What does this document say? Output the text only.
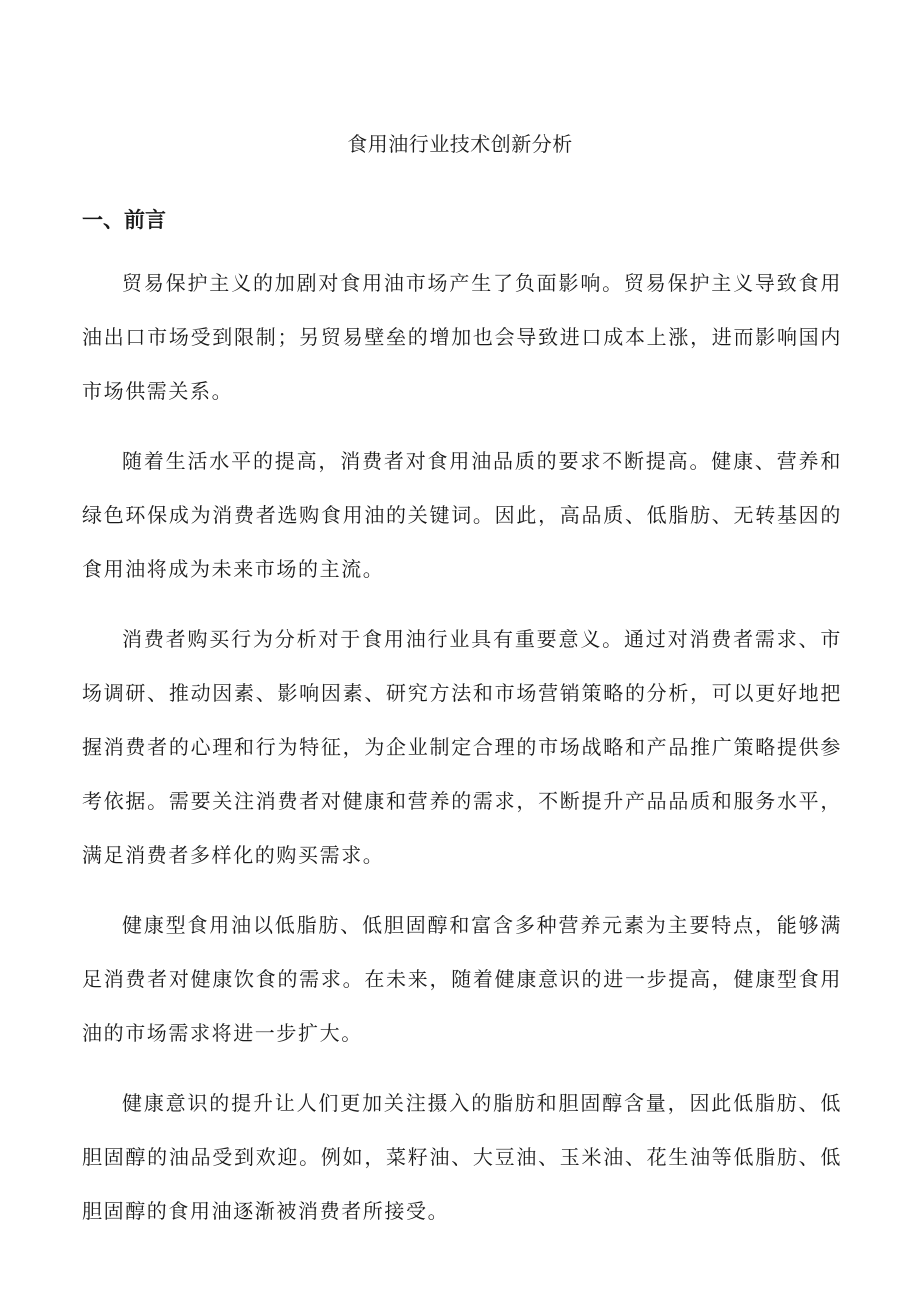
食用油行业技术创新分析
一、前言

贸易保护主义的加剧对食用油市场产生了负面影响。贸易保护主义导致食用油出口市场受到限制；另贸易壁垒的增加也会导致进口成本上涨，进而影响国内市场供需关系。

随着生活水平的提高，消费者对食用油品质的要求不断提高。健康、营养和绿色环保成为消费者选购食用油的关键词。因此，高品质、低脂肪、无转基因的食用油将成为未来市场的主流。

消费者购买行为分析对于食用油行业具有重要意义。通过对消费者需求、市场调研、推动因素、影响因素、研究方法和市场营销策略的分析，可以更好地把握消费者的心理和行为特征，为企业制定合理的市场战略和产品推广策略提供参考依据。需要关注消费者对健康和营养的需求，不断提升产品品质和服务水平，满足消费者多样化的购买需求。

健康型食用油以低脂肪、低胆固醇和富含多种营养元素为主要特点，能够满足消费者对健康饮食的需求。在未来，随着健康意识的进一步提高，健康型食用油的市场需求将进一步扩大。

健康意识的提升让人们更加关注摄入的脂肪和胆固醇含量，因此低脂肪、低胆固醇的油品受到欢迎。例如，菜籽油、大豆油、玉米油、花生油等低脂肪、低胆固醇的食用油逐渐被消费者所接受。
